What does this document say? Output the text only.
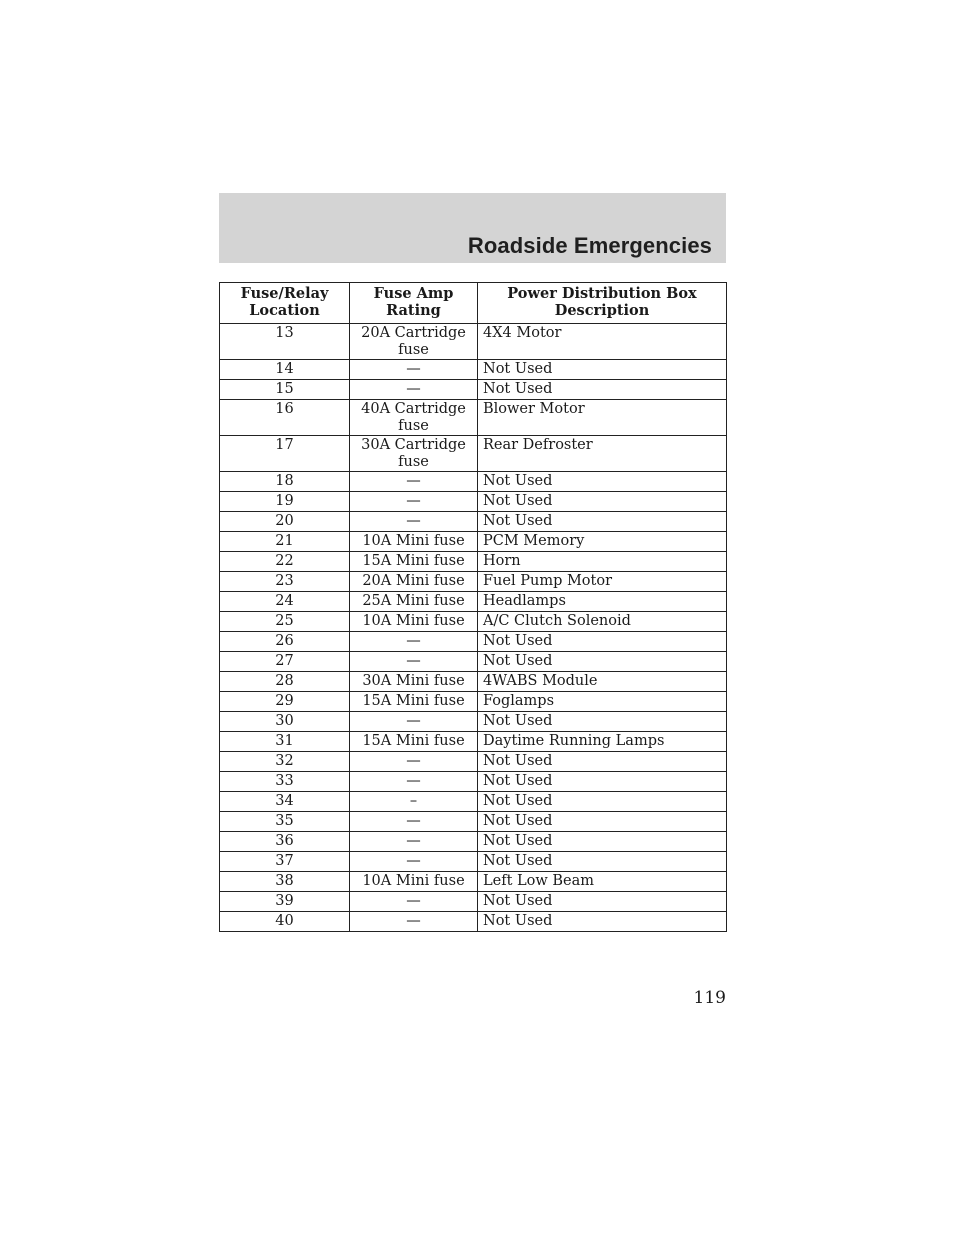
Roadside Emergencies
Fuse/Relay Location	Fuse Amp Rating	Power Distribution Box Description
13	20A Cartridge fuse	4X4 Motor
14	—	Not Used
15	—	Not Used
16	40A Cartridge fuse	Blower Motor
17	30A Cartridge fuse	Rear Defroster
18	—	Not Used
19	—	Not Used
20	—	Not Used
21	10A Mini fuse	PCM Memory
22	15A Mini fuse	Horn
23	20A Mini fuse	Fuel Pump Motor
24	25A Mini fuse	Headlamps
25	10A Mini fuse	A/C Clutch Solenoid
26	—	Not Used
27	—	Not Used
28	30A Mini fuse	4WABS Module
29	15A Mini fuse	Foglamps
30	—	Not Used
31	15A Mini fuse	Daytime Running Lamps
32	—	Not Used
33	—	Not Used
34	–	Not Used
35	—	Not Used
36	—	Not Used
37	—	Not Used
38	10A Mini fuse	Left Low Beam
39	—	Not Used
40	—	Not Used
119
